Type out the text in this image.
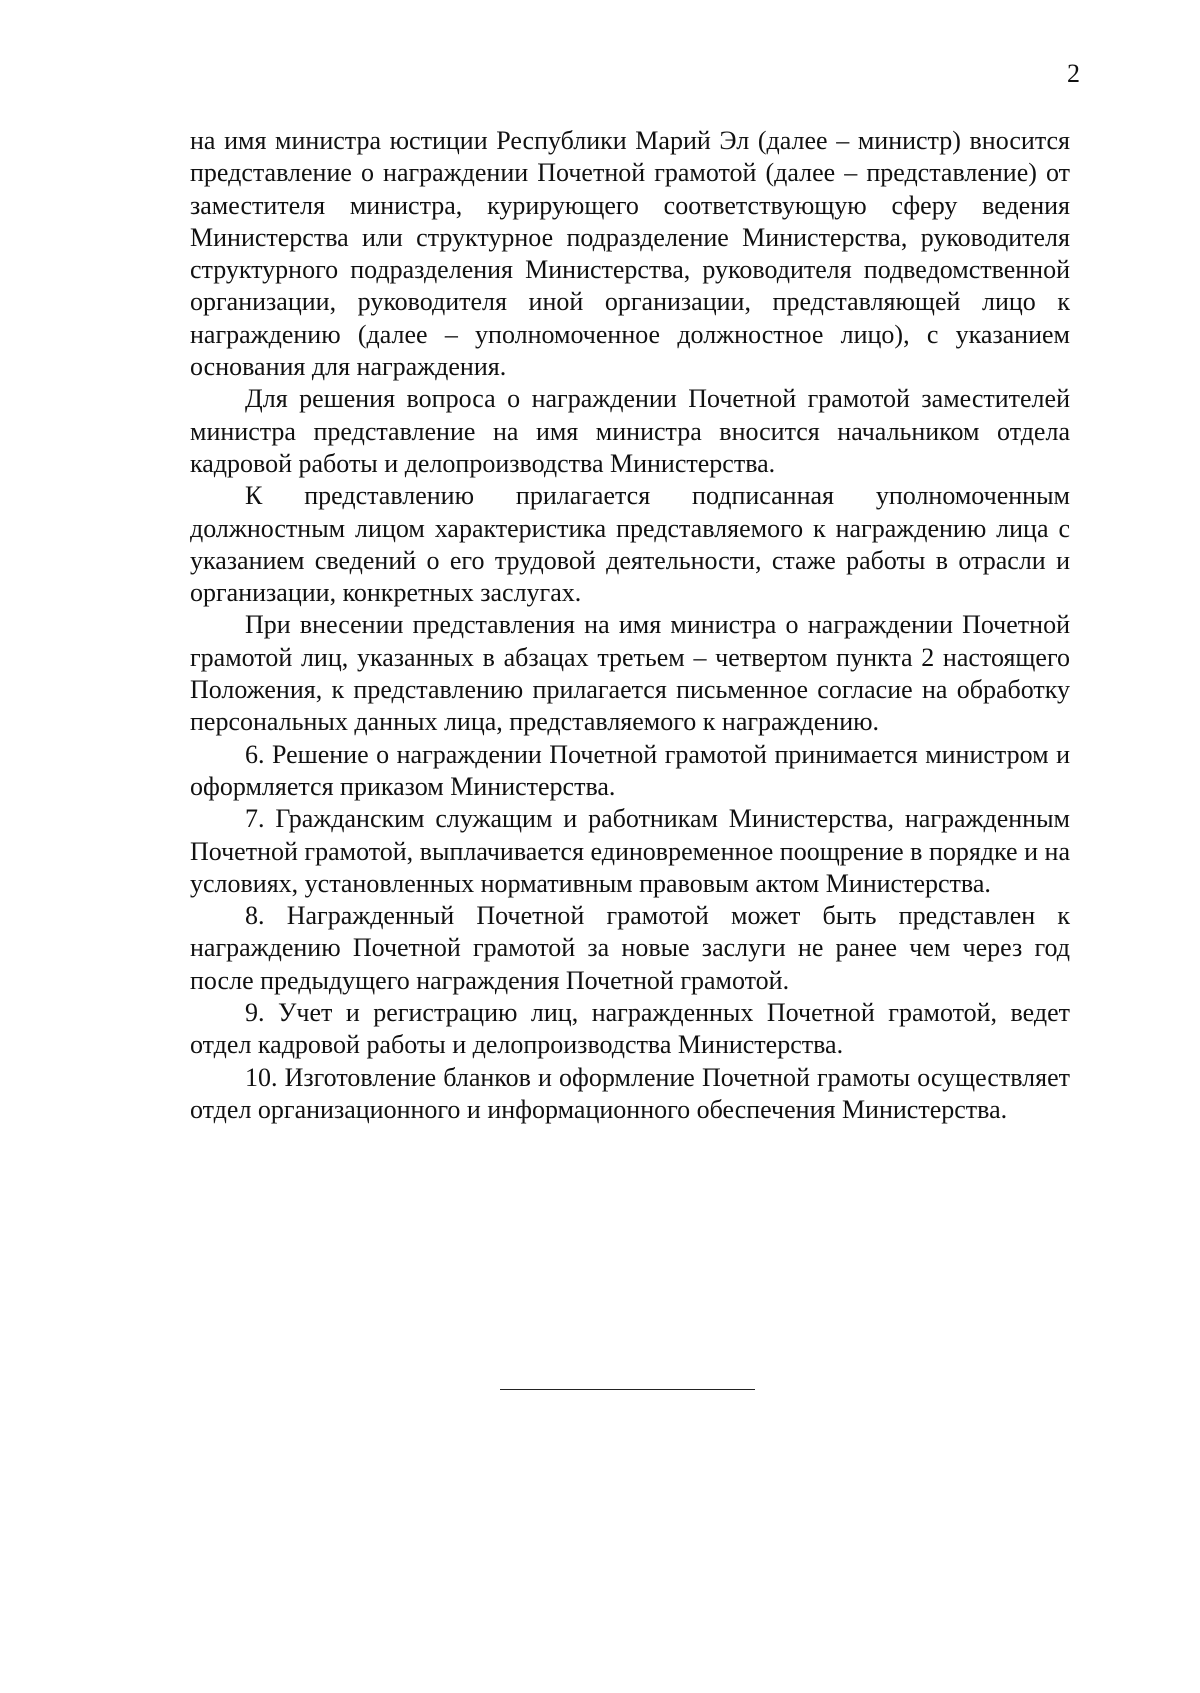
2

на имя министра юстиции Республики Марий Эл (далее – министр) вносится представление о награждении Почетной грамотой (далее – представление) от заместителя министра, курирующего соответствующую сферу ведения Министерства или структурное подразделение Министерства, руководителя структурного подразделения Министерства, руководителя подведомственной организации, руководителя иной организации, представляющей лицо к награждению (далее – уполномоченное должностное лицо), с указанием основания для награждения.

Для решения вопроса о награждении Почетной грамотой заместителей министра представление на имя министра вносится начальником отдела кадровой работы и делопроизводства Министерства.

К представлению прилагается подписанная уполномоченным должностным лицом характеристика представляемого к награждению лица с указанием сведений о его трудовой деятельности, стаже работы в отрасли и организации, конкретных заслугах.

При внесении представления на имя министра о награждении Почетной грамотой лиц, указанных в абзацах третьем – четвертом пункта 2 настоящего Положения, к представлению прилагается письменное согласие на обработку персональных данных лица, представляемого к награждению.

6. Решение о награждении Почетной грамотой принимается министром и оформляется приказом Министерства.

7. Гражданским служащим и работникам Министерства, награжденным Почетной грамотой, выплачивается единовременное поощрение в порядке и на условиях, установленных нормативным правовым актом Министерства.

8. Награжденный Почетной грамотой может быть представлен к награждению Почетной грамотой за новые заслуги не ранее чем через год после предыдущего награждения Почетной грамотой.

9. Учет и регистрацию лиц, награжденных Почетной грамотой, ведет отдел кадровой работы и делопроизводства Министерства.

10. Изготовление бланков и оформление Почетной грамоты осуществляет отдел организационного и информационного обеспечения Министерства.
